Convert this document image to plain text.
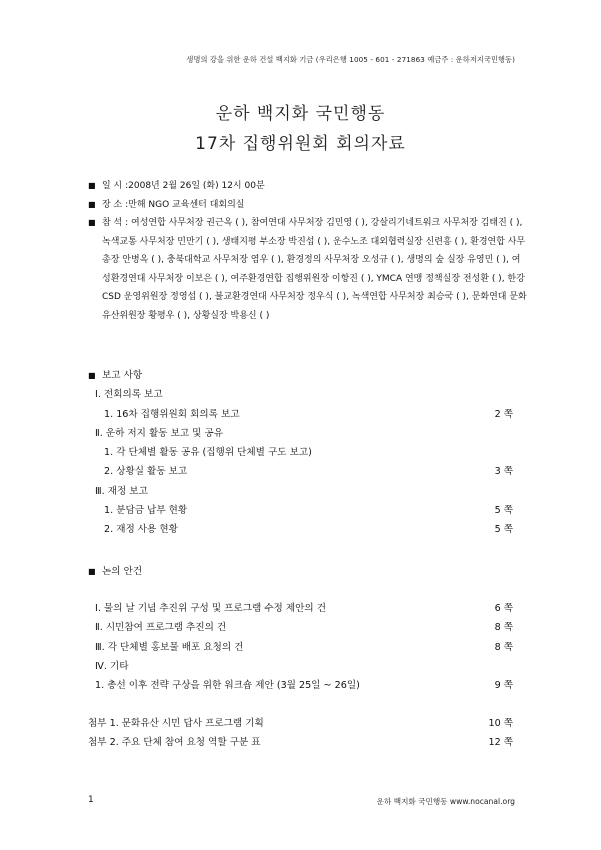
생명의 강을 위한 운하 건설 백지화 기금 (우리은행 1005 - 601 - 271863 예금주 : 운하저지국민행동)
운하 백지화 국민행동
17차 집행위원회 회의자료
■ 일 시 : 2008년 2월 26일 (화) 12시 00분
■ 장 소 : 만해 NGO 교육센터 대회의실
■ 참 석 : 여성연합 사무처장 권근옥 ( ), 참여연대 사무처장 김민영 ( ), 강살리기네트워크 사무처장 김태진 ( ), 녹색교통 사무처장 민만기 ( ), 생태지평 부소장 박진섭 ( ), 운수노조 대외협력실장 신련흥 ( ), 환경연합 사무총장 안병옥 ( ), 충북대학교 사무처장 염우 ( ), 환경정의 사무처장 오성규 ( ), 생명의 숲 실장 유영민 ( ), 여성환경연대 사무처장 이보은 ( ), 여주환경연합 집행위원장 이항진 ( ), YMCA 연맹 정책실장 전성환 ( ), 한강CSD 운영위원장 정영섭 ( ), 불교환경연대 사무처장 정우식 ( ), 녹색연합 사무처장 최승국 ( ), 문화연대 문화유산위원장 황평우 ( ), 상황실장 박용신 ( )
■ 보고 사항
Ⅰ. 전회의록 보고
1. 16차 집행위원회 회의록 보고	2 쪽
Ⅱ. 운하 저지 활동 보고 및 공유
1. 각 단체별 활동 공유 (집행위 단체별 구도 보고)
2. 상황실 활동 보고	3 쪽
Ⅲ. 재정 보고
1. 분담금 납부 현황	5 쪽
2. 재정 사용 현황	5 쪽
■ 논의 안건
Ⅰ. 물의 날 기념 추진위 구성 및 프로그램 수정 제안의 건	6 쪽
Ⅱ. 시민참여 프로그램 추진의 건	8 쪽
Ⅲ. 각 단체별 홍보물 배포 요청의 건	8 쪽
Ⅳ. 기타
1. 총선 이후 전략 구상을 위한 워크숍 제안 (3월 25일 ~ 26일)	9 쪽
첨부 1. 문화유산 시민 답사 프로그램 기획	10 쪽
첨부 2. 주요 단체 참여 요청 역할 구분 표	12 쪽
1	운하 백지화 국민행동 www.nocanal.org
